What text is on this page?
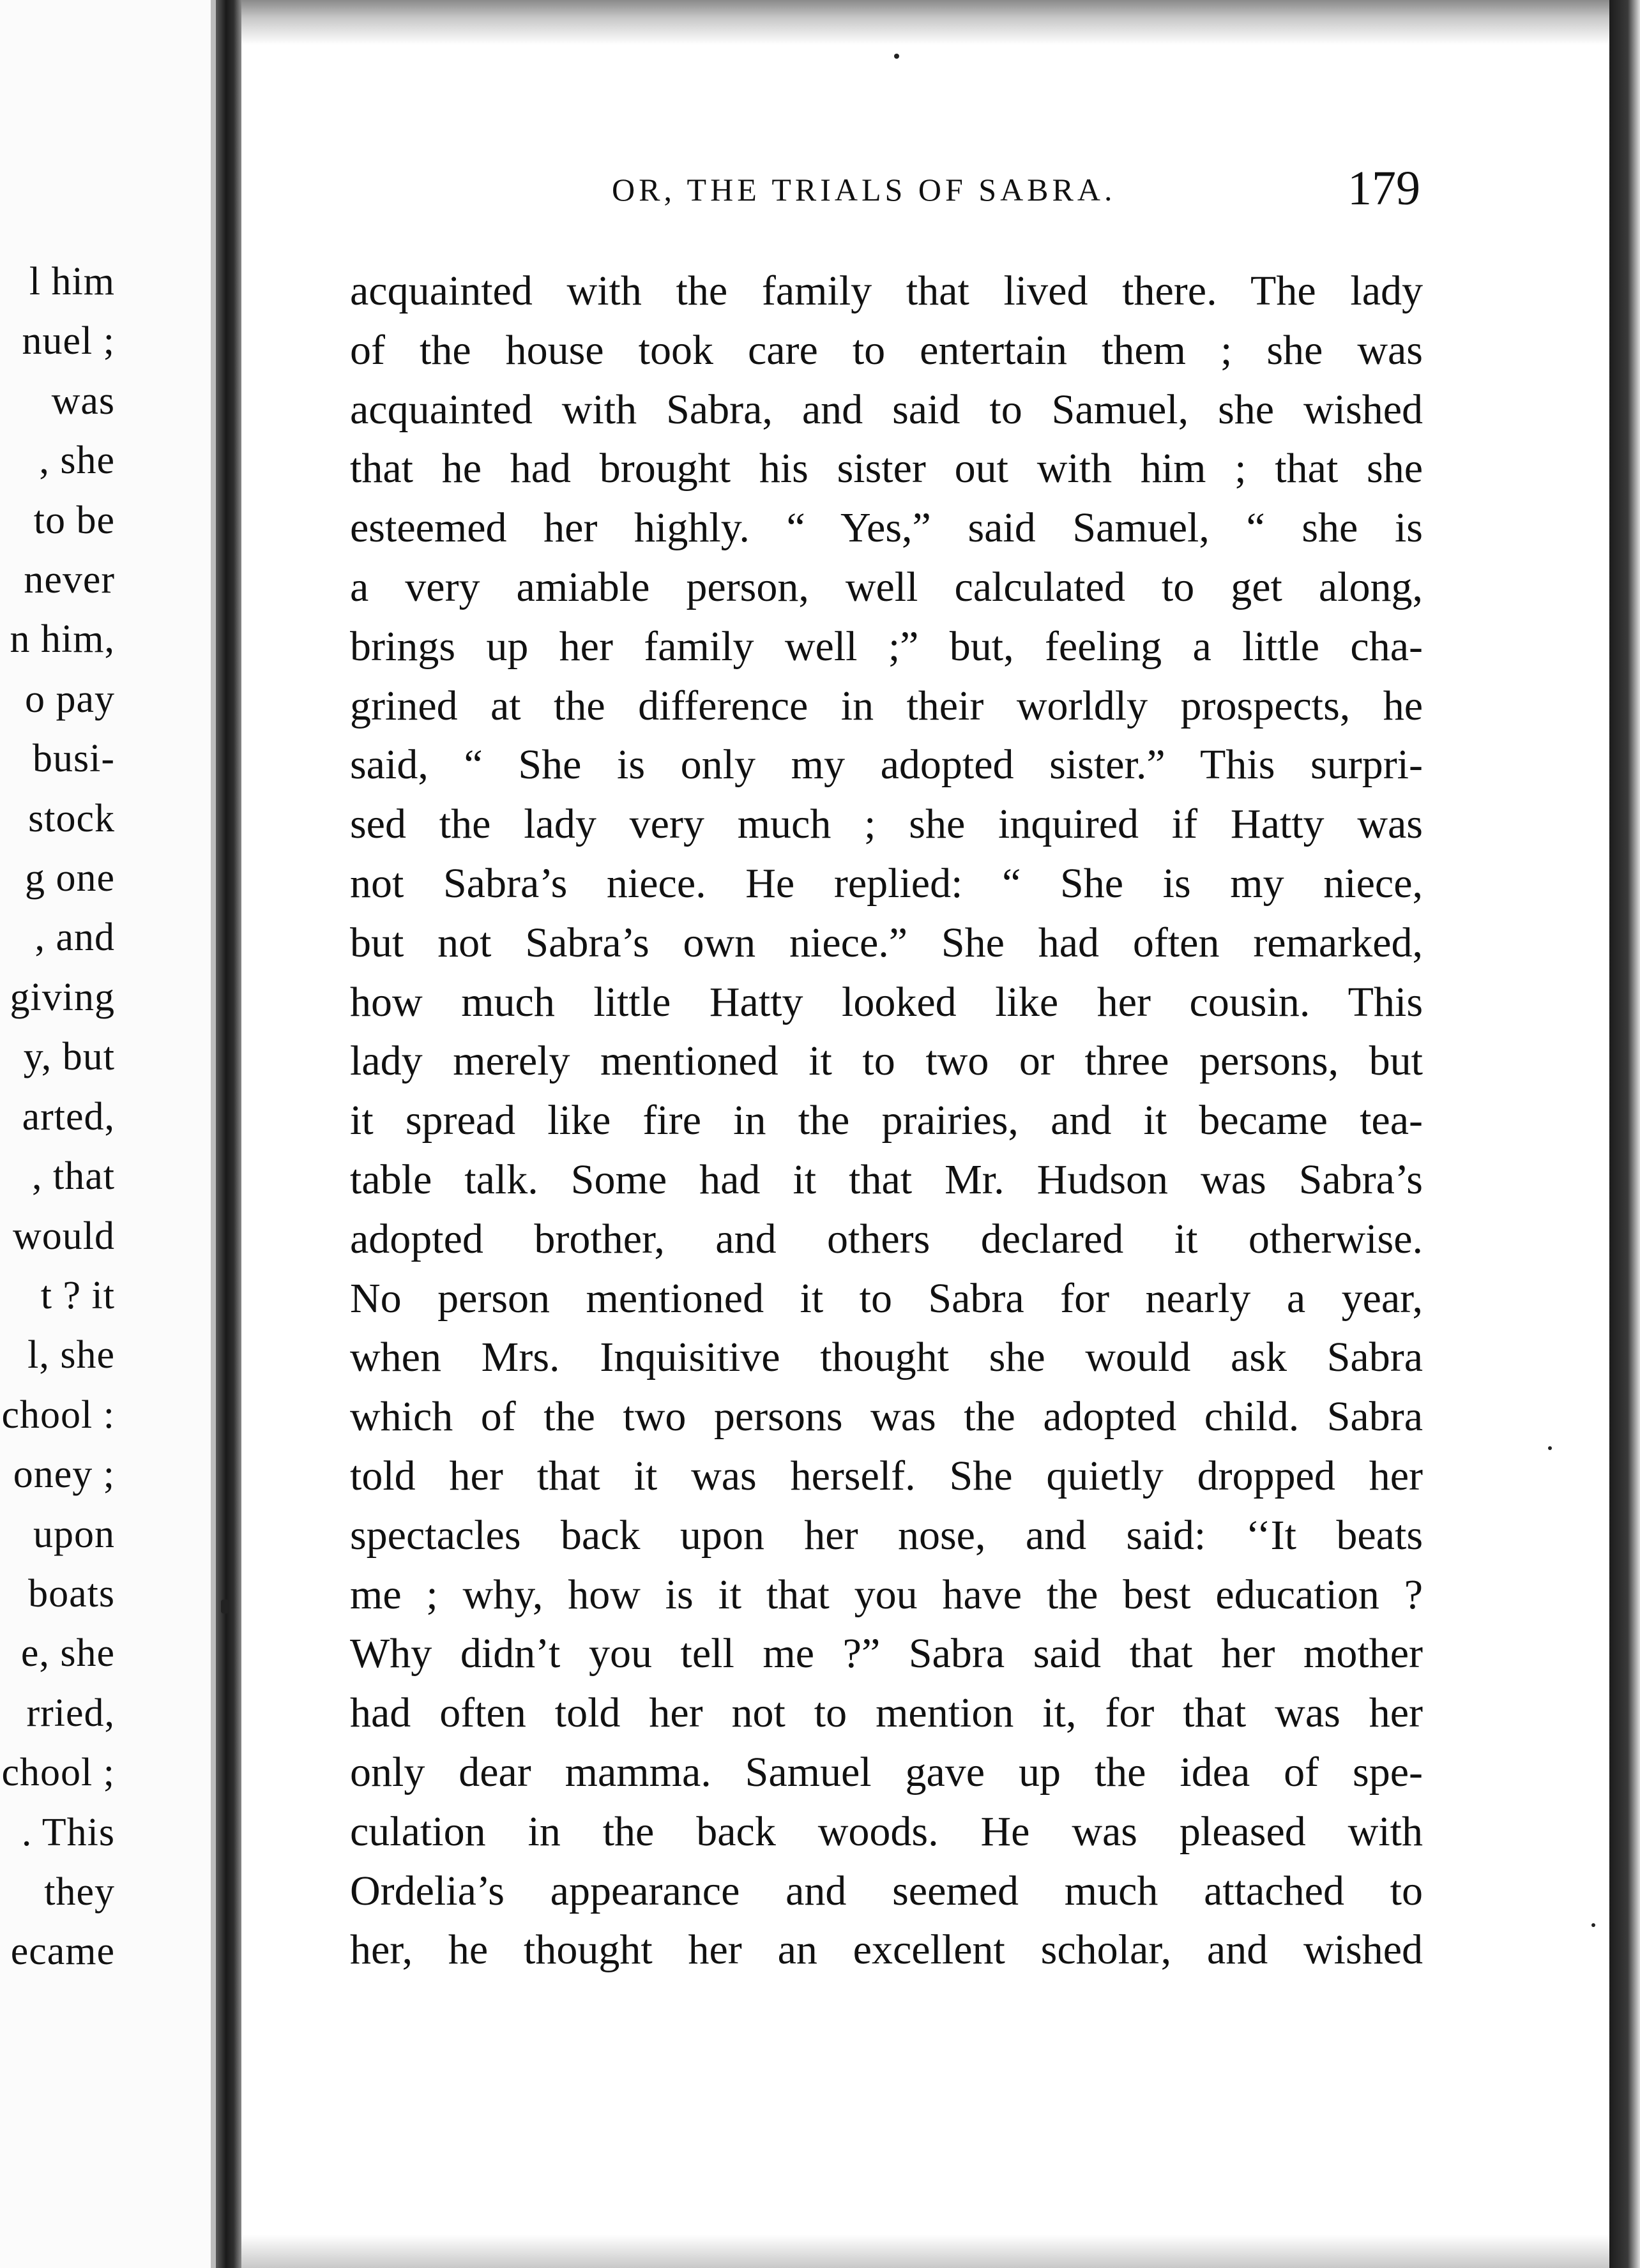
l him
nuel ;
was
, she
to be
never
n him,
o pay
busi-
stock
g one
, and
giving
y, but
arted,
, that
would
t ? it
l, she
chool :
oney ;
upon
boats
e, she
rried,
chool ;
. This
they
ecame
OR, THE TRIALS OF SABRA.	179
acquainted with the family that lived there. The lady
of the house took care to entertain them ; she was
acquainted with Sabra, and said to Samuel, she wished
that he had brought his sister out with him ; that she
esteemed her highly. “ Yes,” said Samuel, “ she is
a very amiable person, well calculated to get along,
brings up her family well ;” but, feeling a little cha-
grined at the difference in their worldly prospects, he
said, “ She is only my adopted sister.” This surpri-
sed the lady very much ; she inquired if Hatty was
not Sabra’s niece. He replied: “ She is my niece,
but not Sabra’s own niece.” She had often remarked,
how much little Hatty looked like her cousin. This
lady merely mentioned it to two or three persons, but
it spread like fire in the prairies, and it became tea-
table talk. Some had it that Mr. Hudson was Sabra’s
adopted brother, and others declared it otherwise.
No person mentioned it to Sabra for nearly a year,
when Mrs. Inquisitive thought she would ask Sabra
which of the two persons was the adopted child. Sabra
told her that it was herself. She quietly dropped her
spectacles back upon her nose, and said: ‘‘It beats
me ; why, how is it that you have the best education ?
Why didn’t you tell me ?” Sabra said that her mother
had often told her not to mention it, for that was her
only dear mamma. Samuel gave up the idea of spe-
culation in the back woods. He was pleased with
Ordelia’s appearance and seemed much attached to
her, he thought her an excellent scholar, and wished
